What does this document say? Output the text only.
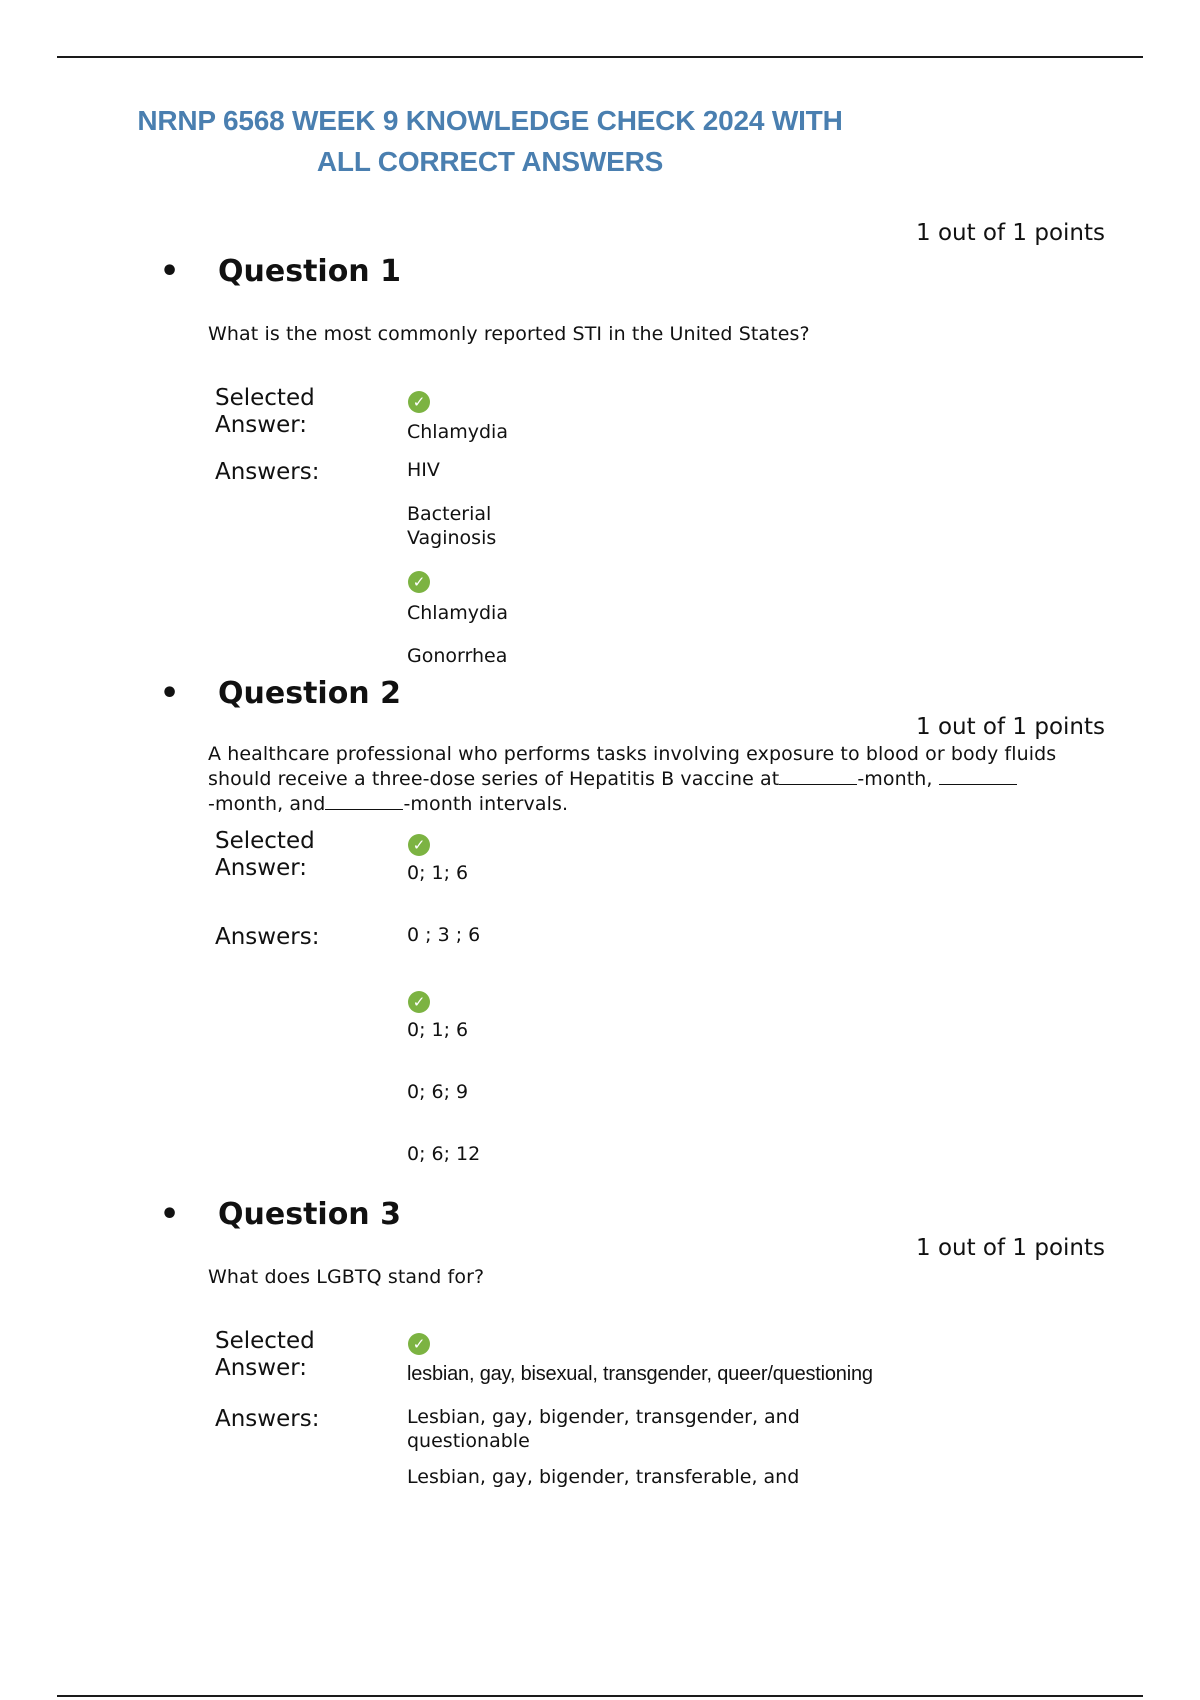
NRNP 6568 WEEK 9 KNOWLEDGE CHECK 2024 WITH
ALL CORRECT ANSWERS
1 out of 1 points
• Question 1
What is the most commonly reported STI in the United States?
Selected
Answer:
✓
Chlamydia
Answers:	HIV
Bacterial Vaginosis
✓
Chlamydia
Gonorrhea
• Question 2
1 out of 1 points
A healthcare professional who performs tasks involving exposure to blood or body fluids should receive a three-dose series of Hepatitis B vaccine at	-month,
-month, and	-month intervals.
Selected
Answer:
✓
0; 1; 6
Answers:	0 ; 3 ; 6
✓
0; 1; 6
0; 6; 9
0; 6; 12
• Question 3
1 out of 1 points
What does LGBTQ stand for?
Selected
Answer:
✓
lesbian, gay, bisexual, transgender, queer/questioning
Answers:	Lesbian, gay, bigender, transgender, and questionable
Lesbian, gay, bigender, transferable, and
